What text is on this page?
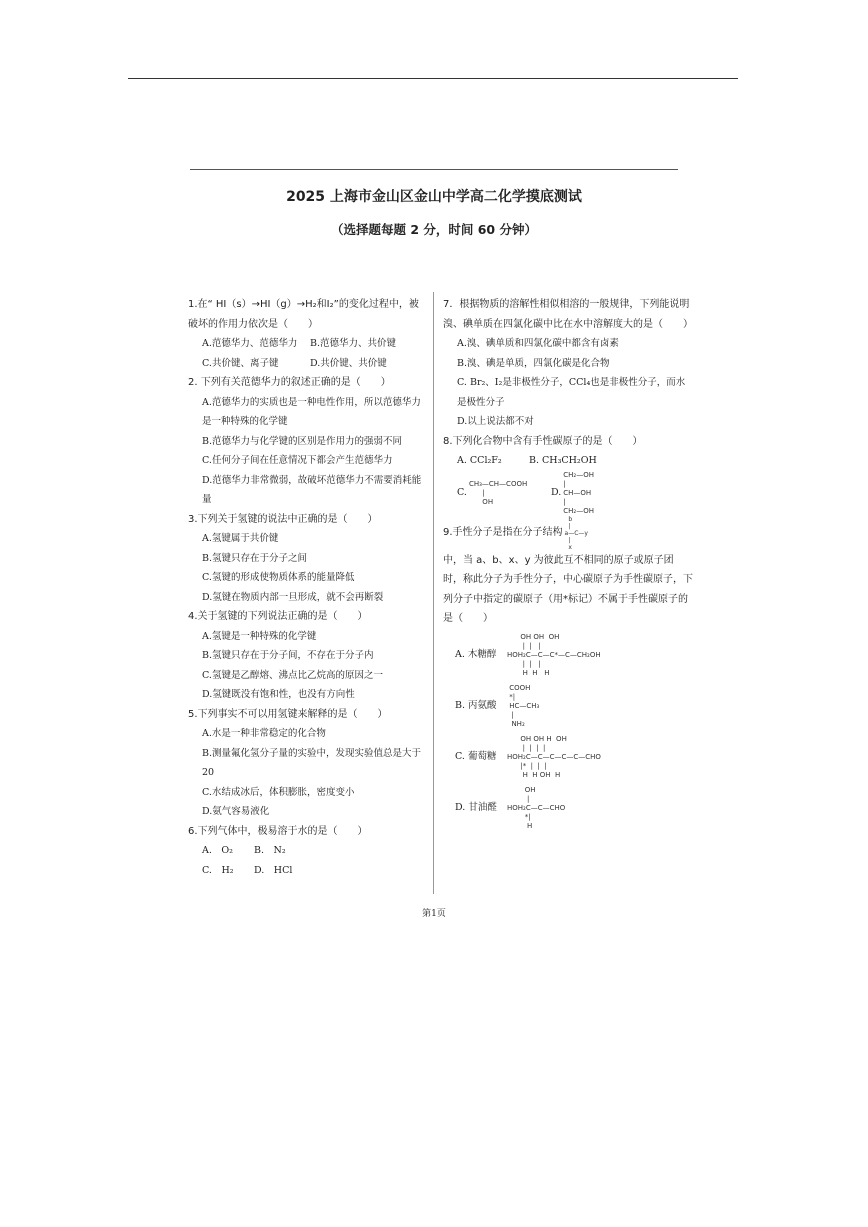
2025 上海市金山区金山中学高二化学摸底测试
（选择题每题 2 分，时间 60 分钟）
1.在“ HI（s）→HI（g）→H₂和I₂”的变化过程中，被破坏的作用力依次是（　　）
A.范德华力、范德华力 B.范德华力、共价键
C.共价键、离子键	D.共价键、共价键
2. 下列有关范德华力的叙述正确的是（　　）
A.范德华力的实质也是一种电性作用，所以范德华力是一种特殊的化学键
B.范德华力与化学键的区别是作用力的强弱不同
C.任何分子间在任意情况下都会产生范德华力
D.范德华力非常微弱，故破坏范德华力不需要消耗能量
3.下列关于氢键的说法中正确的是（　　）
A.氢键属于共价键
B.氢键只存在于分子之间
C.氢键的形成使物质体系的能量降低
D.氢键在物质内部一旦形成，就不会再断裂
4.关于氢键的下列说法正确的是（　　）
A.氢键是一种特殊的化学键
B.氢键只存在于分子间，不存在于分子内
C.氢键是乙醇熔、沸点比乙烷高的原因之一
D.氢键既没有饱和性，也没有方向性
5.下列事实不可以用氢键来解释的是（　　）
A.水是一种非常稳定的化合物
B.测量氟化氢分子量的实验中，发现实验值总是大于 20
C.水结成冰后，体积膨胀，密度变小
D.氨气容易液化
6.下列气体中，极易溶于水的是（　　）
A.　O₂ B.　N₂
C.　H₂ D.　HCl
7．根据物质的溶解性相似相溶的一般规律，下列能说明溴、碘单质在四氯化碳中比在水中溶解度大的是（　　）
A.溴、碘单质和四氯化碳中都含有卤素
B.溴、碘是单质，四氯化碳是化合物
C. Br₂、I₂是非极性分子，CCl₄也是非极性分子，而水是极性分子
D.以上说法都不对
8.下列化合物中含有手性碳原子的是（　　）
A. CCl₂F₂	B. CH₃CH₂OH
C.
CH₃—CH—COOH
|
OH
D.
CH₂—OH
|
CH—OH
|
CH₂—OH
9.手性分子是指在分子结构
b
|
a—C—y
|
x
中，当 a、b、x、y 为彼此互不相同的原子或原子团时，称此分子为手性分子，中心碳原子为手性碳原子，下列分子中指定的碳原子（用*标记）不属于手性碳原子的是（　　）
A. 木糖醇
OH OH  OH
|  |   |
HOH₂C—C—C*—C—CH₂OH
|  |   |
H  H   H
B. 丙氨酸
COOH
*|
HC—CH₃
|
NH₂
C. 葡萄糖
OH OH H  OH
|  |  |  |
HOH₂C—C—C—C—C—CHO
|*  |  |  |
H  H OH  H
D. 甘油醛
OH
|
HOH₂C—C—CHO
*|
H
第1页
